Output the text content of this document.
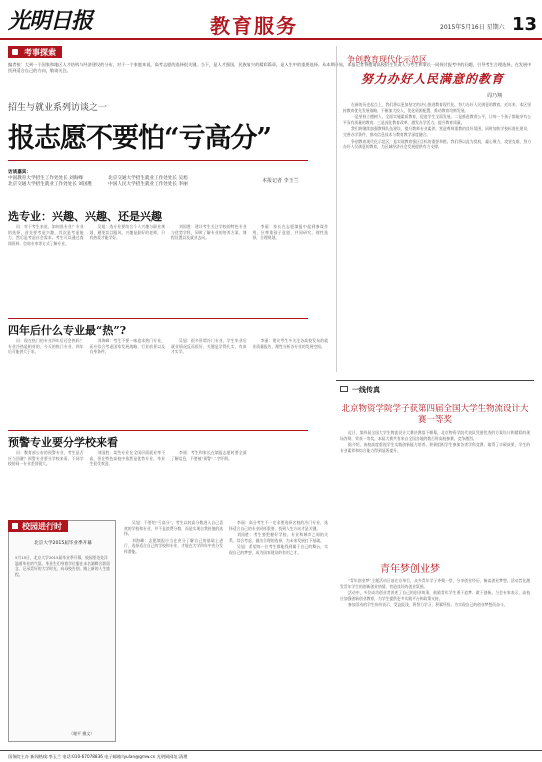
光明日报	教育服务	2015年5月16日 星期六 13
考事探索
编者按：大到一个国家和地区人才结构与经济建设的分布，对于一个家庭来说，高考志愿的选择很关键。当下，是人才强国，民族复兴的精彩篇章，是人生中的重要选择。从本期开始，本报记者将邀请高校招生负责人与考生和家长一同探讨报考中的问题，引导考生合理选择，在发展中找到适合自己的方向，敬请关注。
招生与就业系列访谈之一
报志愿不要怕“亏高分”
访谈嘉宾：
中国教育大学招生工作处处长 刘海峰
北京交通大学招生就业工作处处长 刘国胜
北京交通大学招生就业工作处处长 吴旭
中国人民大学招生就业工作处处长 李丽
本报记者 李玉兰
选专业：兴趣、兴趣、还是兴趣

问：对于考生来说，如何选专业？专业的选择，首先要考虑兴趣，其次是考虑能力，然后是考虑社会需求。考生可以通过查阅资料、咨询专家等方式了解专业。

吴旭：选专业要结合个人兴趣与职业规划，避免盲目跟风。兴趣是最好的老师，只有热爱才能学好。

刘国胜：建议考生关注学校的特色专业与优势学科，同时了解专业的培养方案、课程设置以及就业去向。

李丽：家长在志愿填报中起到参谋作用，应尊重孩子意愿，共同研究，理性选择，合理规划。

四年后什么专业最“热”?

问：现在热门的专业四年后还会热吗？专业冷热是相对的，今天的热门专业，四年后可能供大于求。

刘海峰：考生不要一味追求热门专业，而应综合考虑国家发展战略、行业前景以及自身条件。

吴旭：很多所谓冷门专业，学生毕业后就业情况反而很好，关键是学得扎实，有真才实学。

李丽：建议考生多关注各高校发布的就业质量报告，理性分析各专业的发展空间。

预警专业要分学校来看

问：教育部公布的预警专业，考生是否应当回避？预警专业要分学校来看，不同学校的同一专业差别很大。

刘国胜：某些专业在全国层面就业率不高，但在特色高校中依然是优势专业，毕业生很受欢迎。

李丽：考生和家长在填报志愿时要全面了解信息，不要被“预警”二字吓倒。

吴旭：不要怕“亏高分”。考生以较高分数进入自己喜欢的学校和专业，并不是浪费分数，而是实现自我价值的选择。

刘海峰：志愿填报应当在充分了解自己的基础上进行，选择适合自己的学校和专业，才能在大学四年中充分发挥潜能。

李丽：高分考生不一定非要选择名校的冷门专业，选择适合自己的专业同样重要，找到人生方向才是关键。

刘国胜：考生要把握好学校、专业和城市之间的关系，综合考虑，做出合理的选择，为未来发展打下基础。

吴旭：希望每一位考生都能找到属于自己的舞台，实现自己的梦想，成为国家建设的有用之才。

校园进行时
北京大学2015届毕业季开幕

5月15日，北京大学2015届毕业季开幕，校园里处处洋溢着毕业的气氛。毕业生们身着学位服在未名湖畔合影留念，记录美好的大学时光，向母校告别，踏上新的人生旅程。

（谢平 摄文）
争创教育现代化示范区
努力办好人民满意的教育
周乃翔

在新的历史起点上，我们将以更加坚定的决心推进教育现代化，努力办好人民满意的教育。近年来，本区坚持教育优先发展战略，不断加大投入，优化资源配置，推动教育均衡发展。

一是坚持立德树人，全面实施素质教育，促进学生全面发展。二是推进教育公平，让每一个孩子都能享有公平而有质量的教育。三是深化教育改革，激发办学活力，提升教育质量。

我们将继续加强教师队伍建设，提升教师专业素养，营造尊师重教的良好氛围。同时加快学校标准化建设，完善办学条件，推动信息技术与教育教学深度融合。

争创教育现代化示范区，是实现教育强区目标的重要举措。我们将以此为契机，凝心聚力，攻坚克难，努力办好人民满意的教育，为区域经济社会发展提供有力支撑。

一线传真
北京物资学院学子获第四届全国大学生物流设计大赛一等奖

近日，第四届全国大学生物流设计大赛决赛落下帷幕，北京物资学院代表队凭借优秀的方案设计和精彩的现场答辩，荣获一等奖。本届大赛共有来自全国各地的数百所高校参赛，竞争激烈。

据介绍，该校高度重视学生实践创新能力培养，积极组织学生参加各类学科竞赛，取得了丰硕成果，学生的专业素养和综合能力得到显著提升。

青年梦创业梦

“青年创业梦”主题活动日前在京举行，众多青年学子齐聚一堂，分享创业经历，畅谈创业梦想。活动旨在激发青年学生的创新创业热情，营造良好的创业氛围。

活动中，多位成功创业者讲述了自己的创业故事，鼓励青年学生勇于追梦、敢于创新。与会专家表示，高校应加强创新创业教育，为学生提供更多实践平台和政策支持。

参加活动的学生纷纷表示，受益匪浅，将努力学习，积累经验，为实现自己的创业梦想而奋斗。

国务院主办 新闻热线:李玉兰 电话:010-67078836 电子邮箱:lyulan@gmw.cn 光明网网址:清理
